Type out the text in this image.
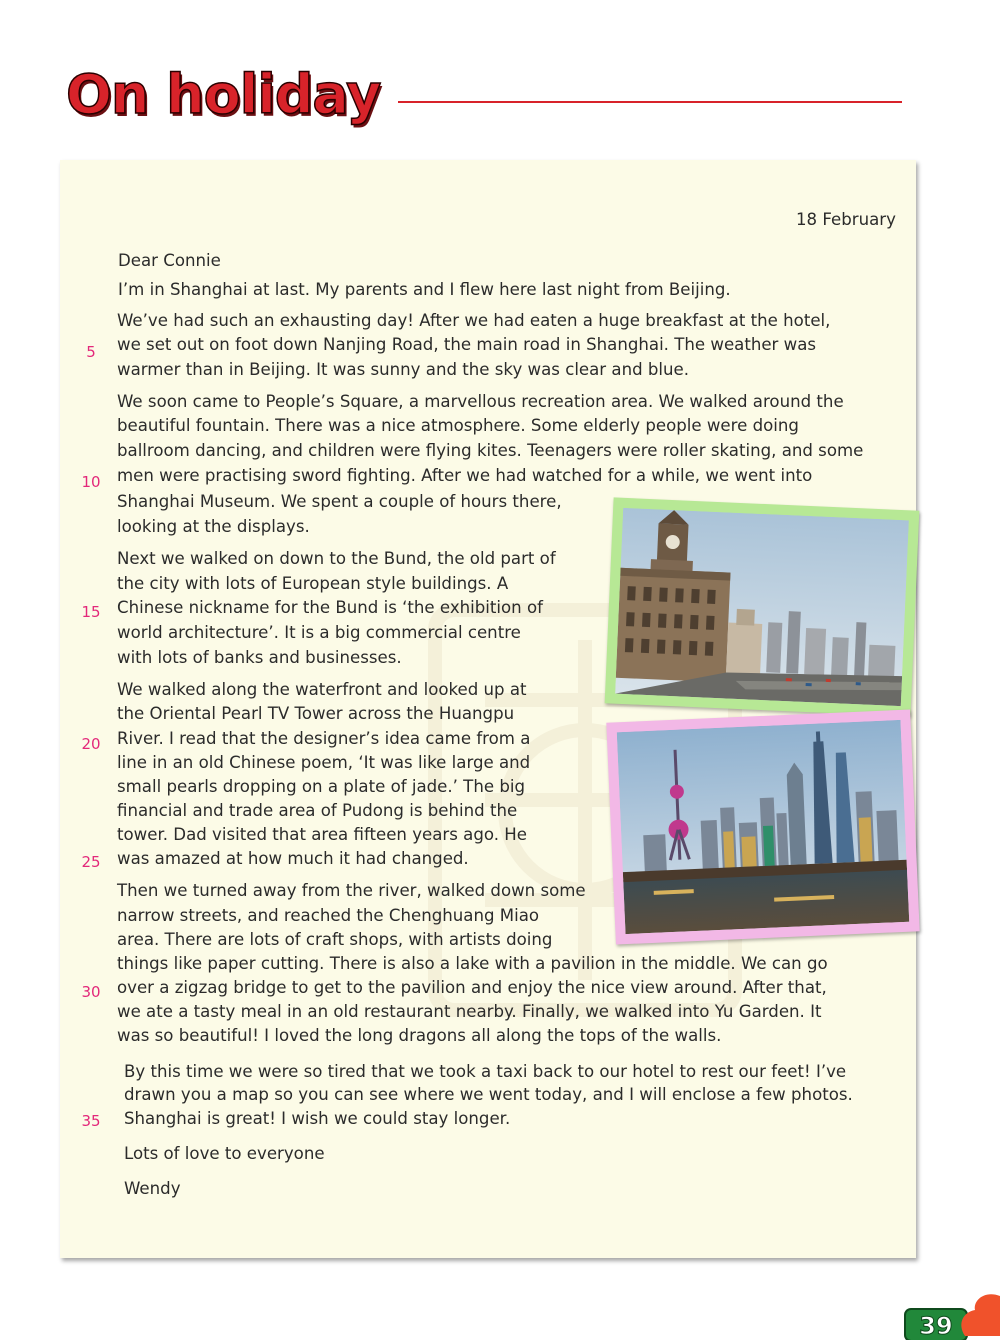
On holiday
18 February
Dear Connie
I’m in Shanghai at last. My parents and I flew here last night from Beijing.
We’ve had such an exhausting day! After we had eaten a huge breakfast at the hotel,
we set out on foot down Nanjing Road, the main road in Shanghai. The weather was
warmer than in Beijing. It was sunny and the sky was clear and blue.
We soon came to People’s Square, a marvellous recreation area. We walked around the
beautiful fountain. There was a nice atmosphere. Some elderly people were doing
ballroom dancing, and children were flying kites. Teenagers were roller skating, and some
men were practising sword fighting. After we had watched for a while, we went into
Shanghai Museum. We spent a couple of hours there,
looking at the displays.
Next we walked on down to the Bund, the old part of
the city with lots of European style buildings. A
Chinese nickname for the Bund is ‘the exhibition of
world architecture’. It is a big commercial centre
with lots of banks and businesses.
We walked along the waterfront and looked up at
the Oriental Pearl TV Tower across the Huangpu
River. I read that the designer’s idea came from a
line in an old Chinese poem, ‘It was like large and
small pearls dropping on a plate of jade.’ The big
financial and trade area of Pudong is behind the
tower. Dad visited that area fifteen years ago. He
was amazed at how much it had changed.
Then we turned away from the river, walked down some
narrow streets, and reached the Chenghuang Miao
area. There are lots of craft shops, with artists doing
things like paper cutting. There is also a lake with a pavilion in the middle. We can go
over a zigzag bridge to get to the pavilion and enjoy the nice view around. After that,
we ate a tasty meal in an old restaurant nearby. Finally, we walked into Yu Garden. It
was so beautiful! I loved the long dragons all along the tops of the walls.
By this time we were so tired that we took a taxi back to our hotel to rest our feet! I’ve
drawn you a map so you can see where we went today, and I will enclose a few photos.
Shanghai is great! I wish we could stay longer.
Lots of love to everyone
Wendy
5
10
15
20
25
30
35
39
